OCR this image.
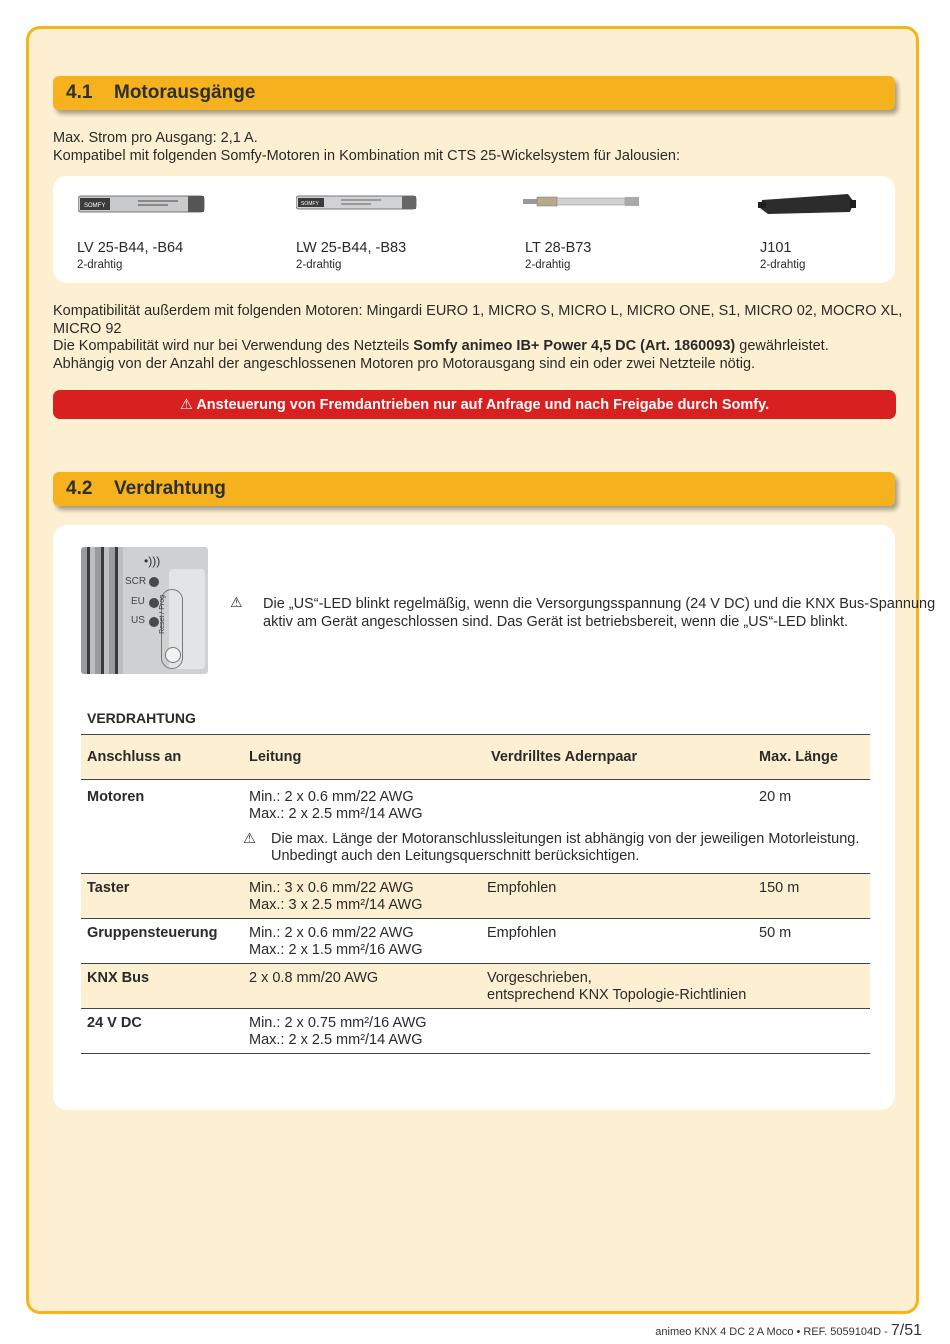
4.1	Motorausgänge
Max. Strom pro Ausgang: 2,1 A.
Kompatibel mit folgenden Somfy-Motoren in Kombination mit CTS 25-Wickelsystem für Jalousien:
SOMFY
LV 25-B44, -B64
2-drahtig
SOMFY
LW 25-B44, -B83
2-drahtig
LT 28-B73
2-drahtig
J101
2-drahtig
Kompatibilität außerdem mit folgenden Motoren: Mingardi EURO 1, MICRO S, MICRO L, MICRO ONE, S1, MICRO 02, MOCRO XL, MICRO 92
Die Kompabilität wird nur bei Verwendung des Netzteils Somfy animeo IB+ Power 4,5 DC (Art. 1860093) gewährleistet.
Abhängig von der Anzahl der angeschlossenen Motoren pro Motorausgang sind ein oder zwei Netzteile nötig.
⚠ Ansteuerung von Fremdantrieben nur auf Anfrage und nach Freigabe durch Somfy.
4.2	Verdrahtung
•)))
SCR
EU
US Reset / Prog	⚠ Die „US“-LED blinkt regelmäßig, wenn die Versorgungsspannung (24 V DC) und die KNX Bus-Spannung
aktiv am Gerät angeschlossen sind. Das Gerät ist betriebsbereit, wenn die „US“-LED blinkt.
VERDRAHTUNG
Anschluss an	Leitung	Verdrilltes Adernpaar	Max. Länge
Motoren	Min.: 2 x 0.6 mm/22 AWG
Max.: 2 x 2.5 mm²/14 AWG		20 m

	⚠ Die max. Länge der Motoranschlussleitungen ist abhängig von der jeweiligen Motorleistung.
Unbedingt auch den Leitungsquerschnitt berücksichtigen.		

Taster	Min.: 3 x 0.6 mm/22 AWG
Max.: 3 x 2.5 mm²/14 AWG	Empfohlen	150 m
Gruppensteuerung	Min.: 2 x 0.6 mm/22 AWG
Max.: 2 x 1.5 mm²/16 AWG	Empfohlen	50 m
KNX Bus	2 x 0.8 mm/20 AWG	Vorgeschrieben,
entsprechend KNX Topologie-Richtlinien	

24 V DC	Min.: 2 x 0.75 mm²/16 AWG
Max.: 2 x 2.5 mm²/14 AWG		

animeo KNX 4 DC 2 A Moco • REF. 5059104D - 7/51
